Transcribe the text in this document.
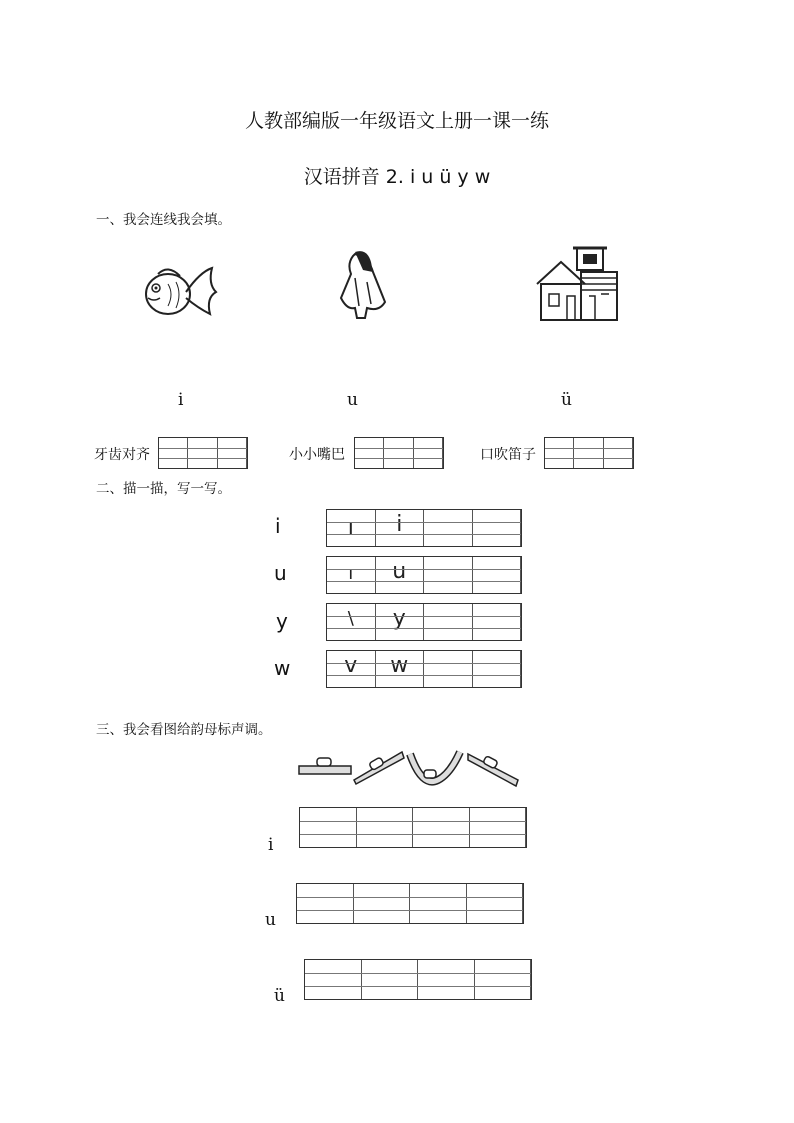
人教部编版一年级语文上册一课一练
汉语拼音 2. i u ü y w
一、我会连线我会填。
i	u	ü
牙齿对齐	小小嘴巴	口吹笛子
二、描一描，写一写。
i	ı	i
u	ı	u
y	\	y
w	v	w
三、我会看图给韵母标声调。
i
u
ü
